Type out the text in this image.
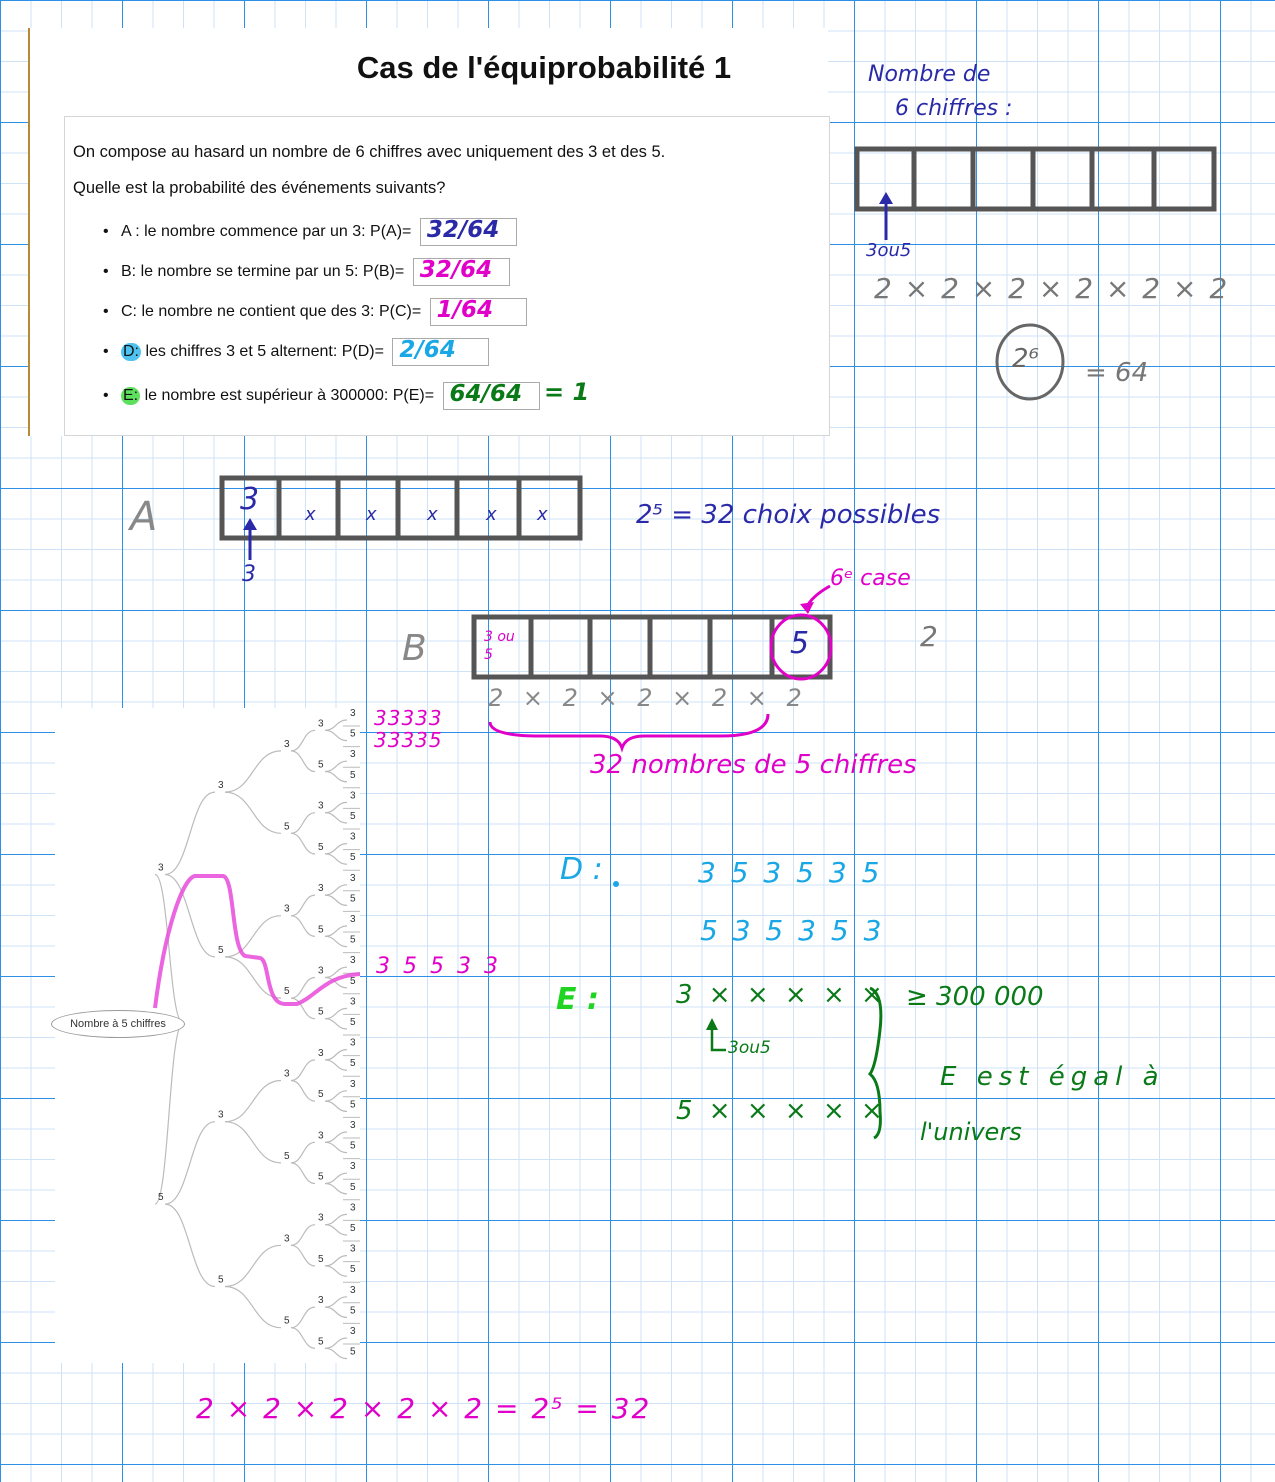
Cas de l'équiprobabilité 1
On compose au hasard un nombre de 6 chiffres avec uniquement des 3 et des 5.
Quelle est la probabilité des événements suivants?
• A : le nombre commence par un 3: P(A)= 32/64
• B: le nombre se termine par un 5: P(B)= 32/64
• C: le nombre ne contient que des 3: P(C)= 1/64
• D: les chiffres 3 et 5 alternent: P(D)= 2/64
• E: le nombre est supérieur à 300000: P(E)= 64/64 = 1
Nombre de
6 chiffres :
3ou5
2 × 2 × 2 × 2 × 2 × 2
2⁶ = 64
A	3	x	x	x	x x
3
2⁵ = 32 choix possibles
6ᵉ case
B	3 ou 5	5	2
2 × 2 × 2 × 2 × 2
32 nombres de 5 chiffres
D :	3 5 3 5 3 5
5 3 5 3 5 3
E :	3 × × × × ×
3ou5
5 × × × × ×
≥ 300 000
E est égal à
l'univers
3
3
3
3
3
5
5
3
5
5
3
3
5
5
3
5
5
3
3
3
5
5
3
5
5
3
3
5
5
3
5
5
3
3
3
3
5
5
3
5
5
3
3
5
5
3
5
5
3
3
3
5
5
3
5
5
3
3
5
5
3
5
Nombre à 5 chiffres
33333
33335
3 5 5 3 3
2 × 2 × 2 × 2 × 2 = 2⁵ = 32
